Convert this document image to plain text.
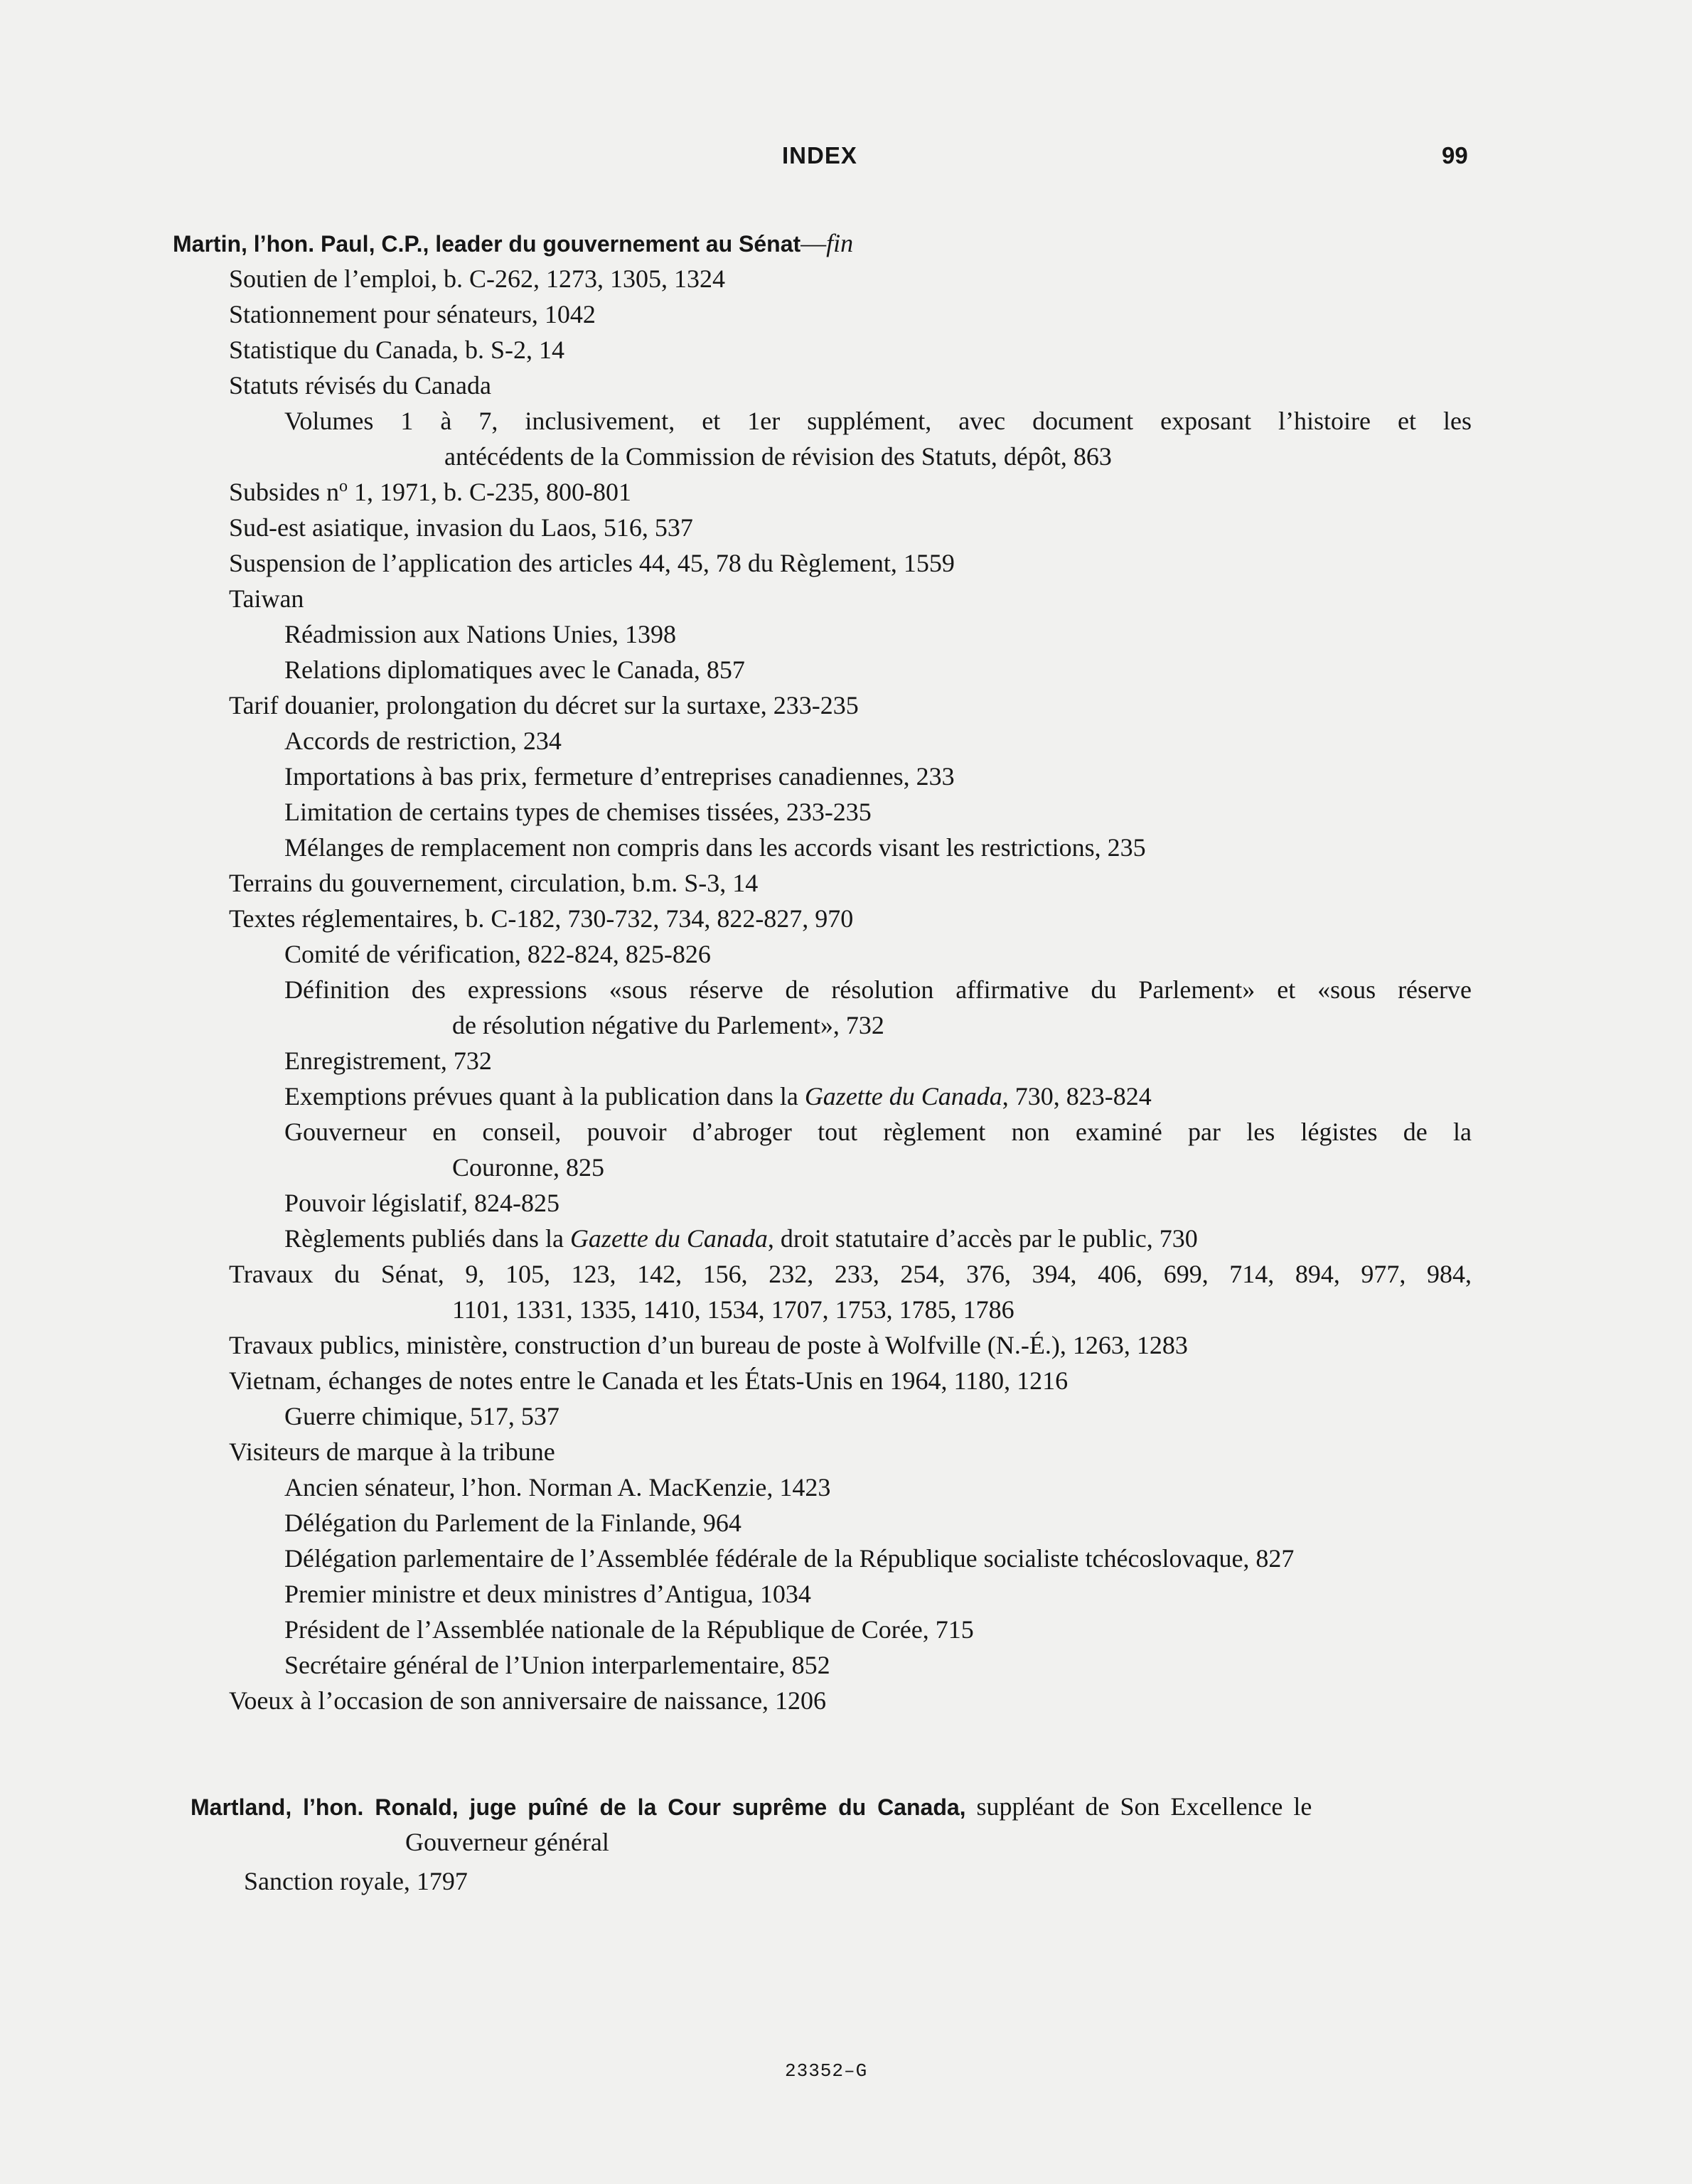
INDEX	99
Martin, l’hon. Paul, C.P., leader du gouvernement au Sénat—fin
Soutien de l’emploi, b. C-262, 1273, 1305, 1324
Stationnement pour sénateurs, 1042
Statistique du Canada, b. S-2, 14
Statuts révisés du Canada
Volumes 1 à 7, inclusivement, et 1er supplément, avec document exposant l’histoire et les
antécédents de la Commission de révision des Statuts, dépôt, 863
Subsides $n^o$ 1, 1971, b. C-235, 800-801
Sud-est asiatique, invasion du Laos, 516, 537
Suspension de l’application des articles 44, 45, 78 du Règlement, 1559
Taiwan
Réadmission aux Nations Unies, 1398
Relations diplomatiques avec le Canada, 857
Tarif douanier, prolongation du décret sur la surtaxe, 233-235
Accords de restriction, 234
Importations à bas prix, fermeture d’entreprises canadiennes, 233
Limitation de certains types de chemises tissées, 233-235
Mélanges de remplacement non compris dans les accords visant les restrictions, 235
Terrains du gouvernement, circulation, b.m. S-3, 14
Textes réglementaires, b. C-182, 730-732, 734, 822-827, 970
Comité de vérification, 822-824, 825-826
Définition des expressions «sous réserve de résolution affirmative du Parlement» et «sous réserve
de résolution négative du Parlement», 732
Enregistrement, 732
Exemptions prévues quant à la publication dans la Gazette du Canada, 730, 823-824
Gouverneur en conseil, pouvoir d’abroger tout règlement non examiné par les légistes de la
Couronne, 825
Pouvoir législatif, 824-825
Règlements publiés dans la Gazette du Canada, droit statutaire d’accès par le public, 730
Travaux du Sénat, 9, 105, 123, 142, 156, 232, 233, 254, 376, 394, 406, 699, 714, 894, 977, 984,
1101, 1331, 1335, 1410, 1534, 1707, 1753, 1785, 1786
Travaux publics, ministère, construction d’un bureau de poste à Wolfville (N.-É.), 1263, 1283
Vietnam, échanges de notes entre le Canada et les États-Unis en 1964, 1180, 1216
Guerre chimique, 517, 537
Visiteurs de marque à la tribune
Ancien sénateur, l’hon. Norman A. MacKenzie, 1423
Délégation du Parlement de la Finlande, 964
Délégation parlementaire de l’Assemblée fédérale de la République socialiste tchécoslovaque, 827
Premier ministre et deux ministres d’Antigua, 1034
Président de l’Assemblée nationale de la République de Corée, 715
Secrétaire général de l’Union interparlementaire, 852
Voeux à l’occasion de son anniversaire de naissance, 1206
Martland, l’hon. Ronald, juge puîné de la Cour suprême du Canada, suppléant de Son Excellence le
Gouverneur général
Sanction royale, 1797
23352–G
